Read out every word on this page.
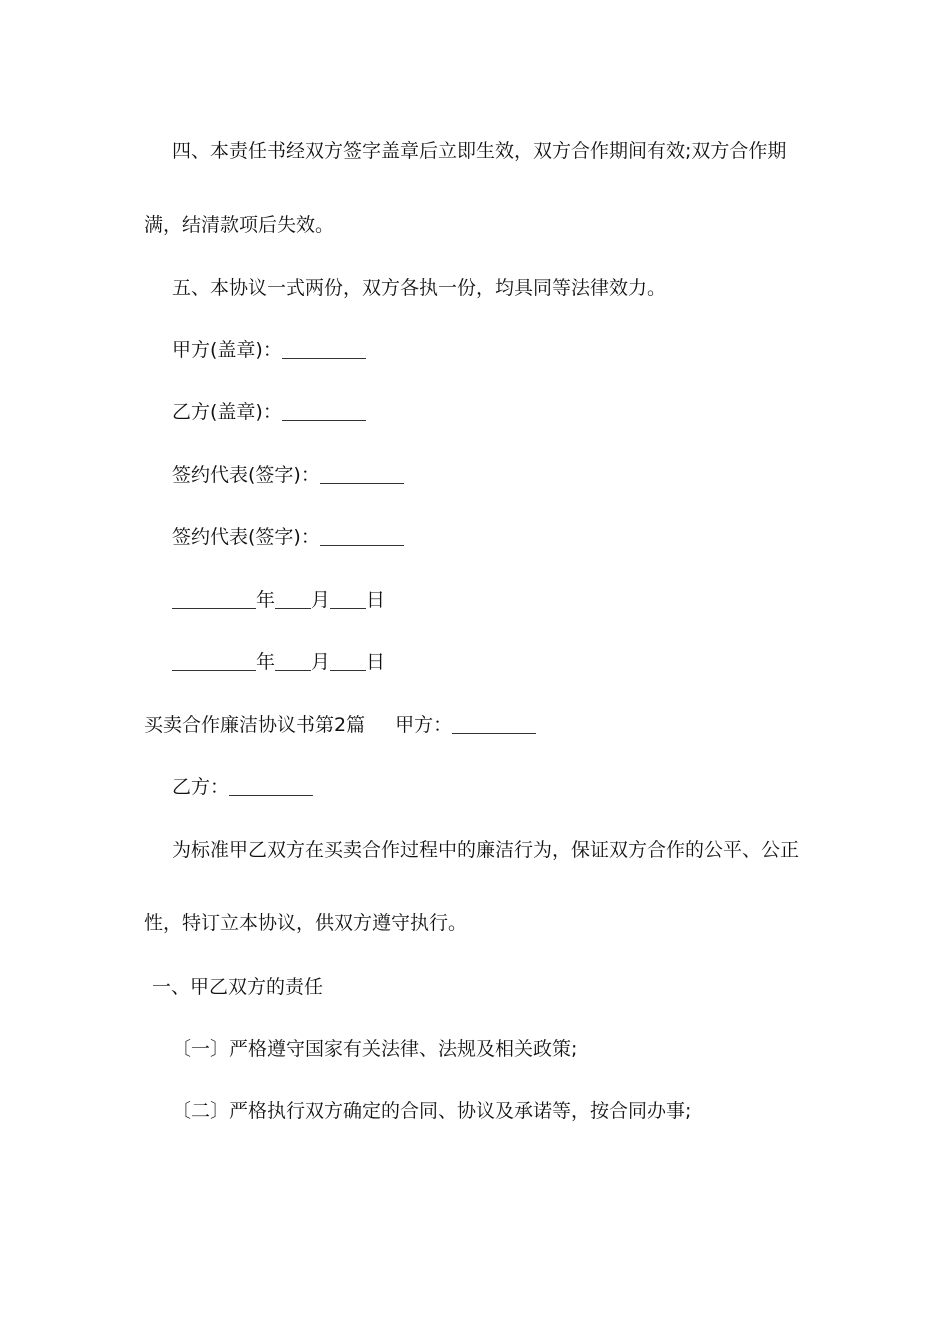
四、本责任书经双方签字盖章后立即生效，双方合作期间有效;双方合作期
满，结清款项后失效。
五、本协议一式两份，双方各执一份，均具同等法律效力。
甲方(盖章)：
乙方(盖章)：
签约代表(签字)：
签约代表(签字)：
年 月 日
年 月 日
买卖合作廉洁协议书第2篇 甲方：
乙方：
为标准甲乙双方在买卖合作过程中的廉洁行为，保证双方合作的公平、公正
性，特订立本协议，供双方遵守执行。
一、甲乙双方的责任
〔一〕严格遵守国家有关法律、法规及相关政策;
〔二〕严格执行双方确定的合同、协议及承诺等，按合同办事;
